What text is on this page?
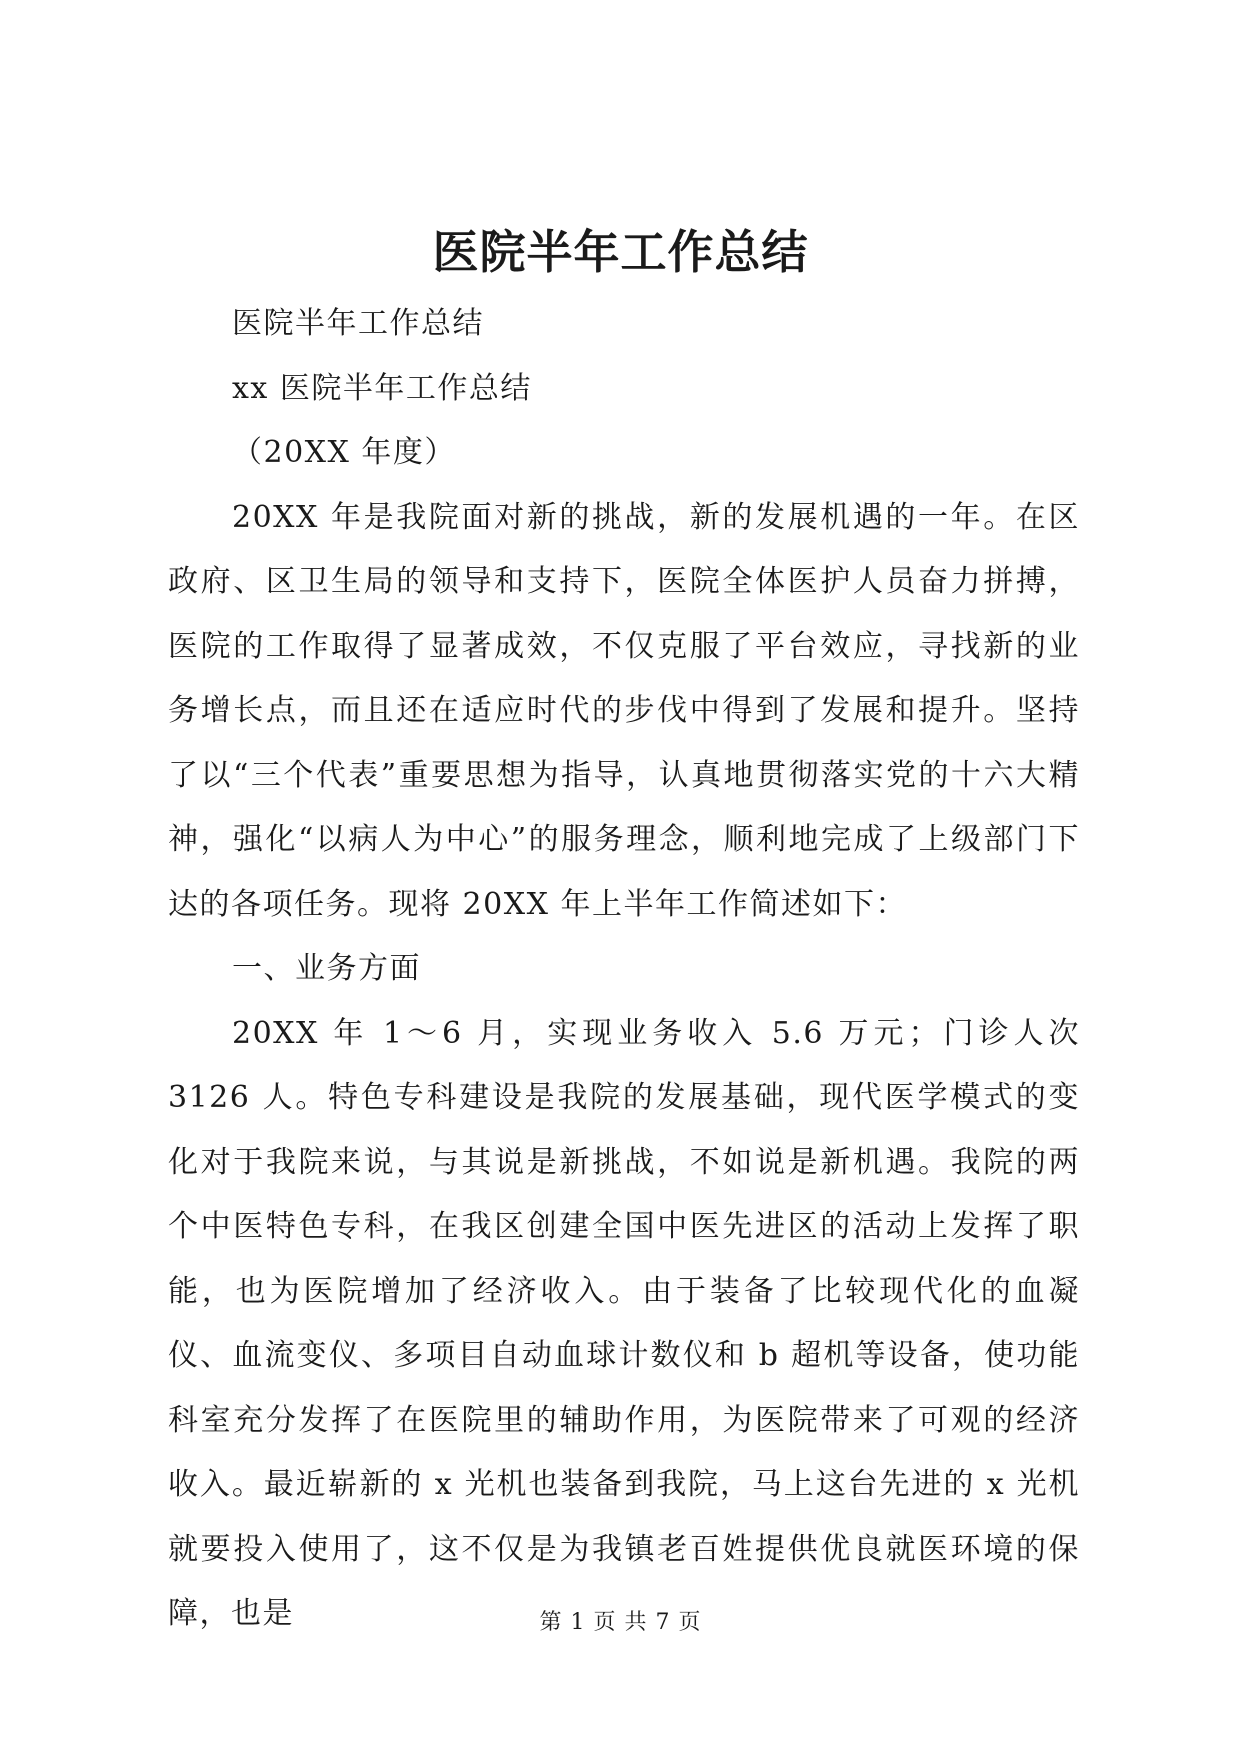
医院半年工作总结

医院半年工作总结

xx 医院半年工作总结

（20XX 年度）

20XX 年是我院面对新的挑战，新的发展机遇的一年。在区政府、区卫生局的领导和支持下，医院全体医护人员奋力拼搏，医院的工作取得了显著成效，不仅克服了平台效应，寻找新的业务增长点，而且还在适应时代的步伐中得到了发展和提升。坚持了以“三个代表”重要思想为指导，认真地贯彻落实党的十六大精神，强化“以病人为中心”的服务理念，顺利地完成了上级部门下达的各项任务。现将 20XX 年上半年工作简述如下：

一、业务方面

20XX 年 1～6 月，实现业务收入 5.6 万元；门诊人次 3126 人。特色专科建设是我院的发展基础，现代医学模式的变化对于我院来说，与其说是新挑战，不如说是新机遇。我院的两个中医特色专科，在我区创建全国中医先进区的活动上发挥了职能，也为医院增加了经济收入。由于装备了比较现代化的血凝仪、血流变仪、多项目自动血球计数仪和 b 超机等设备，使功能科室充分发挥了在医院里的辅助作用，为医院带来了可观的经济收入。最近崭新的 x 光机也装备到我院，马上这台先进的 x 光机就要投入使用了，这不仅是为我镇老百姓提供优良就医环境的保障，也是	第 1 页 共 7 页
